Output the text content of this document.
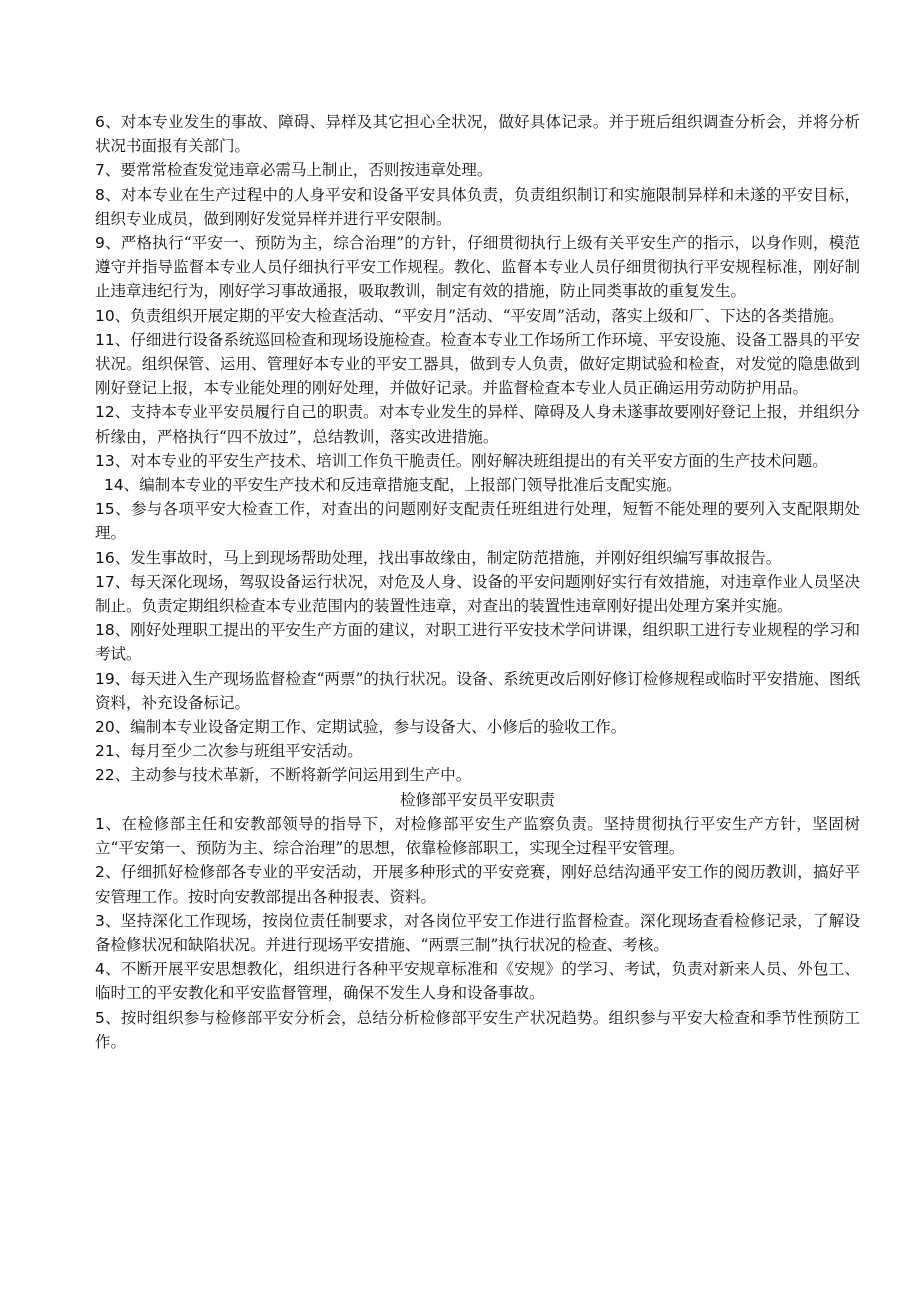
6、对本专业发生的事故、障碍、异样及其它担心全状况，做好具体记录。并于班后组织调查分析会，并将分析状况书面报有关部门。

7、要常常检查发觉违章必需马上制止，否则按违章处理。

8、对本专业在生产过程中的人身平安和设备平安具体负责，负责组织制订和实施限制异样和未遂的平安目标，组织专业成员，做到刚好发觉异样并进行平安限制。

9、严格执行“平安一、预防为主，综合治理”的方针，仔细贯彻执行上级有关平安生产的指示，以身作则，模范遵守并指导监督本专业人员仔细执行平安工作规程。教化、监督本专业人员仔细贯彻执行平安规程标准，刚好制止违章违纪行为，刚好学习事故通报，吸取教训，制定有效的措施，防止同类事故的重复发生。

10、负责组织开展定期的平安大检查活动、“平安月”活动、“平安周”活动，落实上级和厂、下达的各类措施。

11、仔细进行设备系统巡回检查和现场设施检查。检查本专业工作场所工作环境、平安设施、设备工器具的平安状况。组织保管、运用、管理好本专业的平安工器具，做到专人负责，做好定期试验和检查，对发觉的隐患做到刚好登记上报，本专业能处理的刚好处理，并做好记录。并监督检查本专业人员正确运用劳动防护用品。

12、支持本专业平安员履行自己的职责。对本专业发生的异样、障碍及人身未遂事故要刚好登记上报，并组织分析缘由，严格执行“四不放过”，总结教训，落实改进措施。

13、对本专业的平安生产技术、培训工作负干脆责任。刚好解决班组提出的有关平安方面的生产技术问题。

14、编制本专业的平安生产技术和反违章措施支配，上报部门领导批准后支配实施。

15、参与各项平安大检查工作，对查出的问题刚好支配责任班组进行处理，短暂不能处理的要列入支配限期处理。

16、发生事故时，马上到现场帮助处理，找出事故缘由，制定防范措施，并刚好组织编写事故报告。

17、每天深化现场，驾驭设备运行状况，对危及人身、设备的平安问题刚好实行有效措施，对违章作业人员坚决制止。负责定期组织检查本专业范围内的装置性违章，对查出的装置性违章刚好提出处理方案并实施。

18、刚好处理职工提出的平安生产方面的建议，对职工进行平安技术学问讲课，组织职工进行专业规程的学习和考试。

19、每天进入生产现场监督检查“两票”的执行状况。设备、系统更改后刚好修订检修规程或临时平安措施、图纸资料，补充设备标记。

20、编制本专业设备定期工作、定期试验，参与设备大、小修后的验收工作。

21、每月至少二次参与班组平安活动。

22、主动参与技术革新，不断将新学问运用到生产中。

检修部平安员平安职责

1、在检修部主任和安教部领导的指导下，对检修部平安生产监察负责。坚持贯彻执行平安生产方针，坚固树立“平安第一、预防为主、综合治理”的思想，依靠检修部职工，实现全过程平安管理。

2、仔细抓好检修部各专业的平安活动，开展多种形式的平安竞赛，刚好总结沟通平安工作的阅历教训，搞好平安管理工作。按时向安教部提出各种报表、资料。

3、坚持深化工作现场，按岗位责任制要求，对各岗位平安工作进行监督检查。深化现场查看检修记录，了解设备检修状况和缺陷状况。并进行现场平安措施、“两票三制”执行状况的检查、考核。

4、不断开展平安思想教化，组织进行各种平安规章标准和《安规》的学习、考试，负责对新来人员、外包工、临时工的平安教化和平安监督管理，确保不发生人身和设备事故。

5、按时组织参与检修部平安分析会，总结分析检修部平安生产状况趋势。组织参与平安大检查和季节性预防工作。
